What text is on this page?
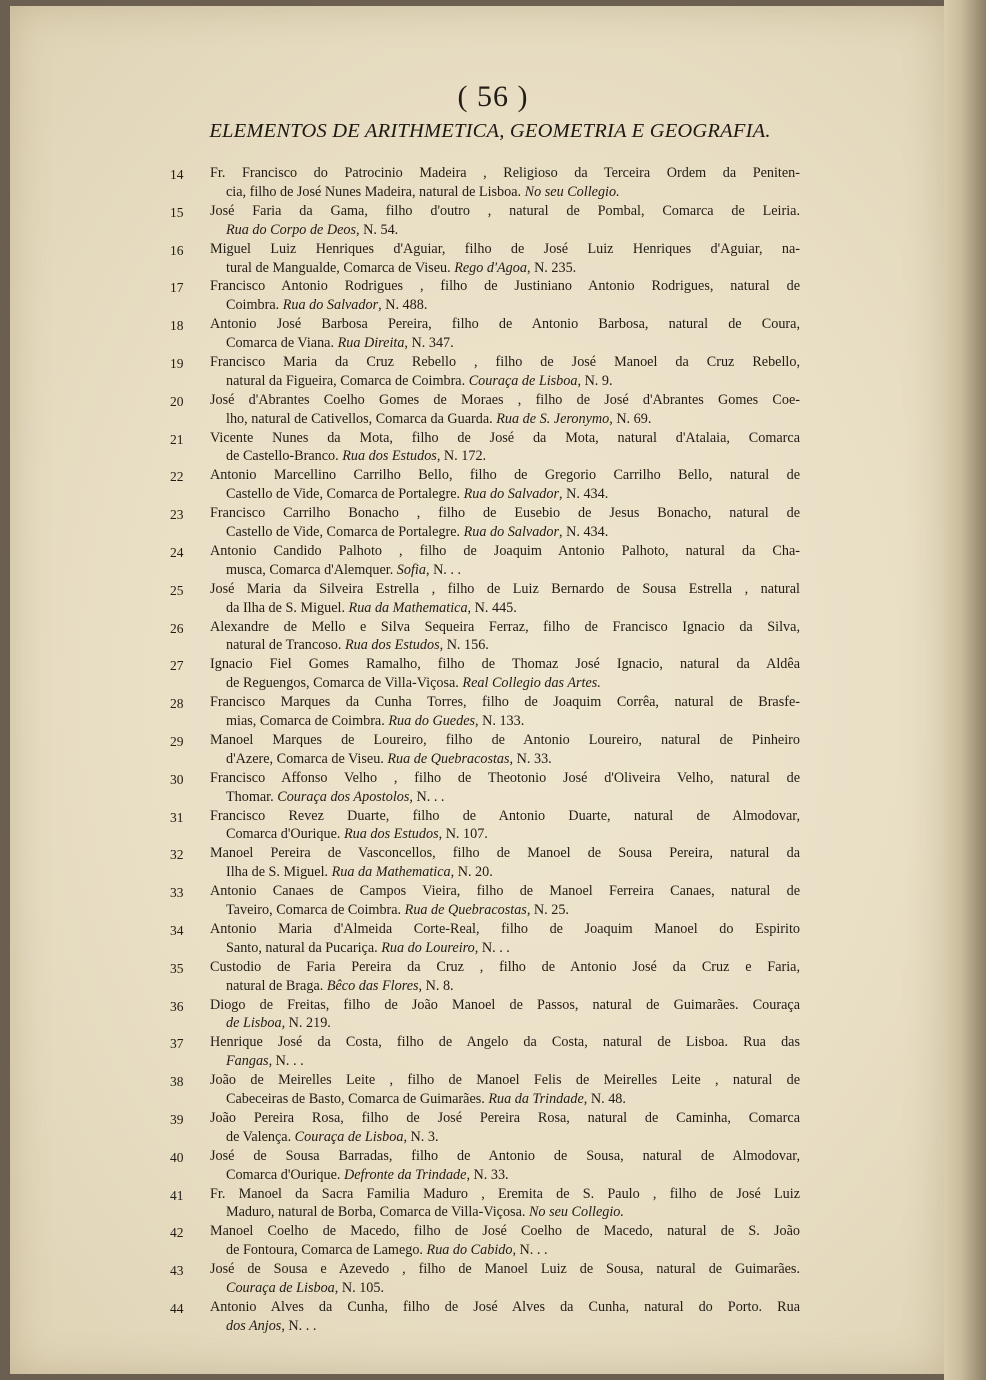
( 56 )
ELEMENTOS DE ARITHMETICA, GEOMETRIA E GEOGRAFIA.
14	Fr. Francisco do Patrocinio Madeira , Religioso da Terceira Ordem da Peniten-
cia, filho de José Nunes Madeira, natural de Lisboa. No seu Collegio.
15	José Faria da Gama, filho d'outro , natural de Pombal, Comarca de Leiria.
Rua do Corpo de Deos, N. 54.
16	Miguel Luiz Henriques d'Aguiar, filho de José Luiz Henriques d'Aguiar, na-
tural de Mangualde, Comarca de Viseu. Rego d'Agoa, N. 235.
17	Francisco Antonio Rodrigues , filho de Justiniano Antonio Rodrigues, natural de
Coimbra. Rua do Salvador, N. 488.
18	Antonio José Barbosa Pereira, filho de Antonio Barbosa, natural de Coura,
Comarca de Viana. Rua Direita, N. 347.
19	Francisco Maria da Cruz Rebello , filho de José Manoel da Cruz Rebello,
natural da Figueira, Comarca de Coimbra. Couraça de Lisboa, N. 9.
20	José d'Abrantes Coelho Gomes de Moraes , filho de José d'Abrantes Gomes Coe-
lho, natural de Cativellos, Comarca da Guarda. Rua de S. Jeronymo, N. 69.
21	Vicente Nunes da Mota, filho de José da Mota, natural d'Atalaia, Comarca
de Castello-Branco. Rua dos Estudos, N. 172.
22	Antonio Marcellino Carrilho Bello, filho de Gregorio Carrilho Bello, natural de
Castello de Vide, Comarca de Portalegre. Rua do Salvador, N. 434.
23	Francisco Carrilho Bonacho , filho de Eusebio de Jesus Bonacho, natural de
Castello de Vide, Comarca de Portalegre. Rua do Salvador, N. 434.
24	Antonio Candido Palhoto , filho de Joaquim Antonio Palhoto, natural da Cha-
musca, Comarca d'Alemquer. Sofia, N. . .
25	José Maria da Silveira Estrella , filho de Luiz Bernardo de Sousa Estrella , natural
da Ilha de S. Miguel. Rua da Mathematica, N. 445.
26	Alexandre de Mello e Silva Sequeira Ferraz, filho de Francisco Ignacio da Silva,
natural de Trancoso. Rua dos Estudos, N. 156.
27	Ignacio Fiel Gomes Ramalho, filho de Thomaz José Ignacio, natural da Aldêa
de Reguengos, Comarca de Villa-Viçosa. Real Collegio das Artes.
28	Francisco Marques da Cunha Torres, filho de Joaquim Corrêa, natural de Brasfe-
mias, Comarca de Coimbra. Rua do Guedes, N. 133.
29	Manoel Marques de Loureiro, filho de Antonio Loureiro, natural de Pinheiro
d'Azere, Comarca de Viseu. Rua de Quebracostas, N. 33.
30	Francisco Affonso Velho , filho de Theotonio José d'Oliveira Velho, natural de
Thomar. Couraça dos Apostolos, N. . .
31	Francisco Revez Duarte, filho de Antonio Duarte, natural de Almodovar,
Comarca d'Ourique. Rua dos Estudos, N. 107.
32	Manoel Pereira de Vasconcellos, filho de Manoel de Sousa Pereira, natural da
Ilha de S. Miguel. Rua da Mathematica, N. 20.
33	Antonio Canaes de Campos Vieira, filho de Manoel Ferreira Canaes, natural de
Taveiro, Comarca de Coimbra. Rua de Quebracostas, N. 25.
34	Antonio Maria d'Almeida Corte-Real, filho de Joaquim Manoel do Espirito
Santo, natural da Pucariça. Rua do Loureiro, N. . .
35	Custodio de Faria Pereira da Cruz , filho de Antonio José da Cruz e Faria,
natural de Braga. Bêco das Flores, N. 8.
36	Diogo de Freitas, filho de João Manoel de Passos, natural de Guimarães. Couraça
de Lisboa, N. 219.
37	Henrique José da Costa, filho de Angelo da Costa, natural de Lisboa. Rua das
Fangas, N. . .
38	João de Meirelles Leite , filho de Manoel Felis de Meirelles Leite , natural de
Cabeceiras de Basto, Comarca de Guimarães. Rua da Trindade, N. 48.
39	João Pereira Rosa, filho de José Pereira Rosa, natural de Caminha, Comarca
de Valença. Couraça de Lisboa, N. 3.
40	José de Sousa Barradas, filho de Antonio de Sousa, natural de Almodovar,
Comarca d'Ourique. Defronte da Trindade, N. 33.
41	Fr. Manoel da Sacra Familia Maduro , Eremita de S. Paulo , filho de José Luiz
Maduro, natural de Borba, Comarca de Villa-Viçosa. No seu Collegio.
42	Manoel Coelho de Macedo, filho de José Coelho de Macedo, natural de S. João
de Fontoura, Comarca de Lamego. Rua do Cabido, N. . .
43	José de Sousa e Azevedo , filho de Manoel Luiz de Sousa, natural de Guimarães.
Couraça de Lisboa, N. 105.
44	Antonio Alves da Cunha, filho de José Alves da Cunha, natural do Porto. Rua
dos Anjos, N. . .
